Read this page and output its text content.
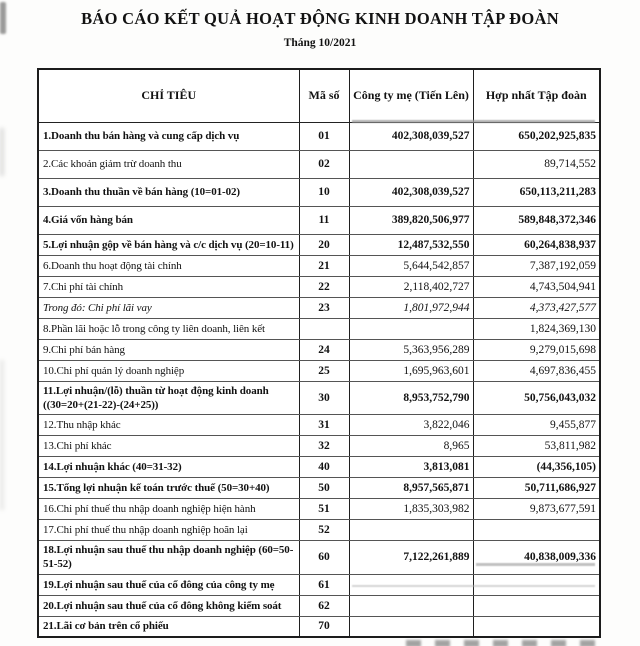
BÁO CÁO KẾT QUẢ HOẠT ĐỘNG KINH DOANH TẬP ĐOÀN
Tháng 10/2021
CHỈ TIÊU	Mã số	Công ty mẹ (Tiến Lên)	Hợp nhất Tập đoàn

1.Doanh thu bán hàng và cung cấp dịch vụ	01	402,308,039,527	650,202,925,835

2.Các khoản giảm trừ doanh thu	02		89,714,552

3.Doanh thu thuần về bán hàng (10=01-02)	10	402,308,039,527	650,113,211,283

4.Giá vốn hàng bán	11	389,820,506,977	589,848,372,346

5.Lợi nhuận gộp về bán hàng và c/c dịch vụ (20=10-11)	20	12,487,532,550	60,264,838,937

6.Doanh thu hoạt động tài chính	21	5,644,542,857	7,387,192,059

7.Chi phí tài chính	22	2,118,402,727	4,743,504,941

Trong đó: Chi phí lãi vay	23	1,801,972,944	4,373,427,577

8.Phần lãi hoặc lỗ trong công ty liên doanh, liên kết			1,824,369,130

9.Chi phí bán hàng	24	5,363,956,289	9,279,015,698

10.Chi phí quản lý doanh nghiệp	25	1,695,963,601	4,697,836,455

11.Lợi nhuận/(lỗ) thuần từ hoạt động kinh doanh ((30=20+(21-22)-(24+25))	30	8,953,752,790	50,756,043,032

12.Thu nhập khác	31	3,822,046	9,455,877

13.Chi phí khác	32	8,965	53,811,982

14.Lợi nhuận khác (40=31-32)	40	3,813,081	(44,356,105)

15.Tổng lợi nhuận kế toán trước thuế (50=30+40)	50	8,957,565,871	50,711,686,927

16.Chi phí thuế thu nhập doanh nghiệp hiện hành	51	1,835,303,982	9,873,677,591

17.Chi phí thuế thu nhập doanh nghiệp hoãn lại	52		

18.Lợi nhuận sau thuế thu nhập doanh nghiệp (60=50-51-52)	60	7,122,261,889	40,838,009,336

19.Lợi nhuận sau thuế của cổ đông của công ty mẹ	61		

20.Lợi nhuận sau thuế của cổ đông không kiểm soát	62		

21.Lãi cơ bản trên cổ phiếu	70		
